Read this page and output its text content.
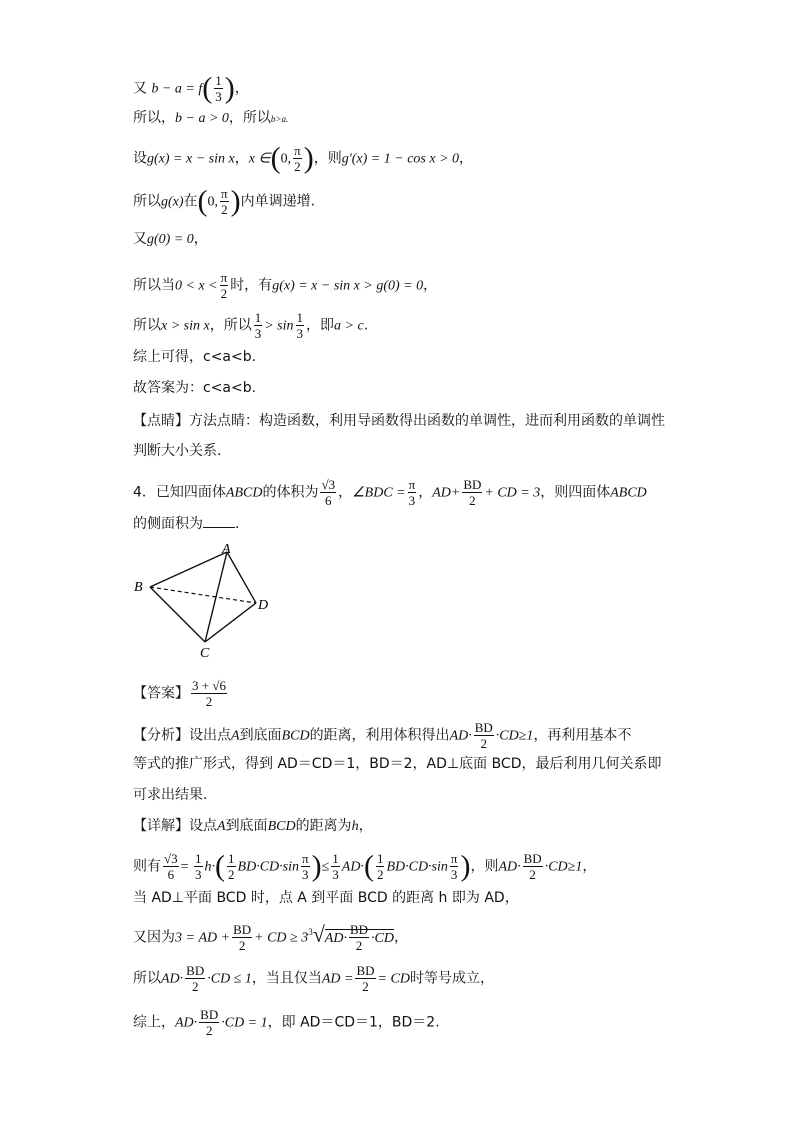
又 $b - a = f( \frac{1}{3}$ )，
所以，b − a > 0，所以b>a.
设g(x) = x − sin x，x ∈(0, $\frac{\pi}{2}$ )，则g′(x) = 1 − cos x > 0，
所以g(x)在(0, $\frac{\pi}{2}$ )内单调递增.
又g(0) = 0，
所以当$0 < x < \frac{\pi}{2}$ 时，有g(x) = x − sin x > g(0) = 0，
所以x > sin x，所以 $\frac{1}{3} > \sin \frac{1}{3}$ ，即a > c.
综上可得，c<a<b.
故答案为：c<a<b.
【点睛】方法点睛：构造函数，利用导函数得出函数的单调性，进而利用函数的单调性
判断大小关系.
4．已知四面体ABCD的体积为 $\frac{√3}{6}$ ，∠BDC = $\frac{\pi}{3}$ ，$AD+ \frac{BD}{2}$ + CD = 3，则四面体ABCD
的侧面积为 ．
A
B
C
D
【答案】 $\frac{3 + √6}{2}$
【分析】设出点A到底面BCD的距离，利用体积得出$AD\cdot \frac{BD}{2} \cdot CD\ge 1$，再利用基本不
等式的推广形式，得到 AD＝CD＝1，BD＝2，AD⊥底面 BCD，最后利用几何关系即
可求出结果.
【详解】设点A到底面BCD的距离为h，
则有 $\frac{√3}{6} = \frac{1}{3} h\cdot( \frac{1}{2} BD\cdot CD\cdot\sin \frac{\pi}{3}$ )≤ $\frac{1}{3} AD\cdot( \frac{1}{2} BD\cdot CD\cdot\sin \frac{\pi}{3}$ )，则$AD\cdot \frac{BD}{2} \cdot CD\ge 1$，
当 AD⊥平面 BCD 时，点 A 到平面 BCD 的距离 h 即为 AD，
又因为3 = AD + $\frac{BD}{2}$ + CD ≥ $3^3√AD\cdot \frac{BD}{2} \cdot CD$，
所以$AD\cdot \frac{BD}{2} \cdot CD \le 1$，当且仅当AD = $\frac{BD}{2}$ = CD时等号成立，
综上，$AD\cdot \frac{BD}{2} \cdot CD = 1$，即 AD＝CD＝1，BD＝2.
